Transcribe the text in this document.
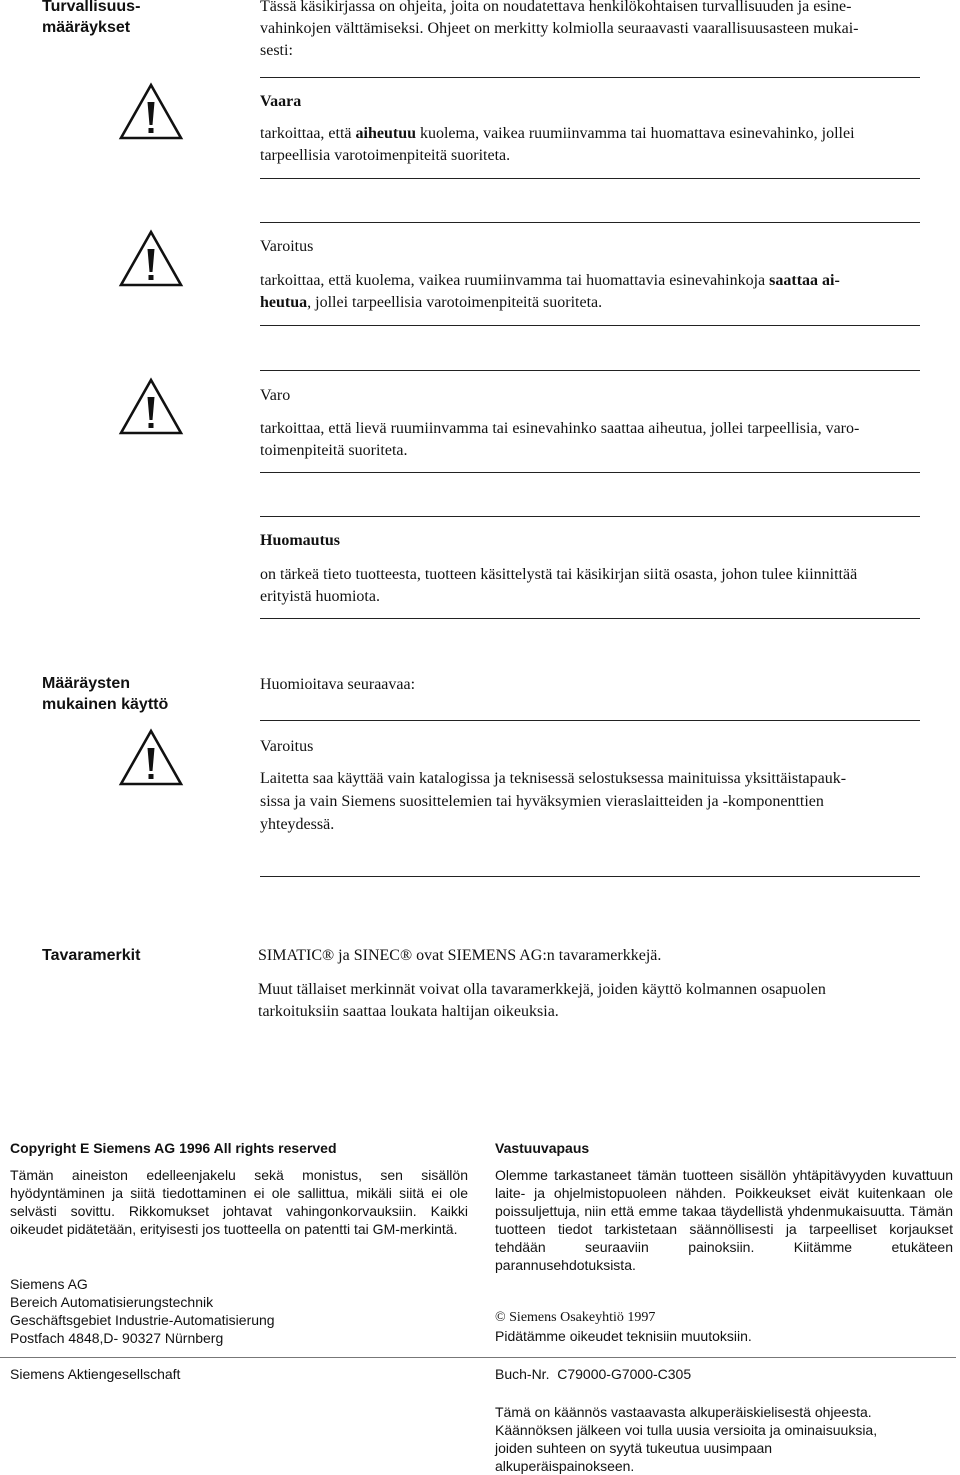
Turvallisuus-
määräykset
Tässä käsikirjassa on ohjeita, joita on noudatettava henkilökohtaisen turvallisuuden ja esine-
vahinkojen välttämiseksi. Ohjeet on merkitty kolmiolla seuraavasti vaarallisuusasteen mukai-
sesti:
Vaara
tarkoittaa, että aiheutuu kuolema, vaikea ruumiinvamma tai huomattava esinevahinko, jollei
tarpeellisia varotoimenpiteitä suoriteta.
Varoitus
tarkoittaa, että kuolema, vaikea ruumiinvamma tai huomattavia esinevahinkoja saattaa ai-
heutua, jollei tarpeellisia varotoimenpiteitä suoriteta.
Varo
tarkoittaa, että lievä ruumiinvamma tai esinevahinko saattaa aiheutua, jollei tarpeellisia, varo-
toimenpiteitä suoriteta.
Huomautus
on tärkeä tieto tuotteesta, tuotteen käsittelystä tai käsikirjan siitä osasta, johon tulee kiinnittää
erityistä huomiota.
Määräysten
mukainen käyttö
Huomioitava seuraavaa:
Varoitus
Laitetta saa käyttää vain katalogissa ja teknisessä selostuksessa mainituissa yksittäistapauk-
sissa ja vain Siemens suosittelemien tai hyväksymien vieraslaitteiden ja -komponenttien
yhteydessä.
Tavaramerkit	SIMATIC® ja SINEC® ovat SIEMENS AG:n tavaramerkkejä.
Muut tällaiset merkinnät voivat olla tavaramerkkejä, joiden käyttö kolmannen osapuolen
tarkoituksiin saattaa loukata haltijan oikeuksia.
Copyright E Siemens AG 1996 All rights reserved
Tämän aineiston edelleenjakelu sekä monistus, sen sisällön hyödyntäminen ja siitä tiedottaminen ei ole sallittua, mikäli siitä ei ole selvästi sovittu. Rikkomukset johtavat vahingonkorvauksiin. Kaikki oikeudet pidätetään, erityisesti jos tuotteella on patentti tai GM-merkintä.
Siemens AG
Bereich Automatisierungstechnik
Geschäftsgebiet Industrie-Automatisierung
Postfach 4848,D- 90327 Nürnberg
Siemens Aktiengesellschaft
Vastuuvapaus
Olemme tarkastaneet tämän tuotteen sisällön yhtäpitävyyden kuvattuun laite- ja ohjelmistopuoleen nähden. Poikkeukset eivät kuitenkaan ole poissuljettuja, niin että emme takaa täydellistä yhdenmukaisuutta. Tämän tuotteen tiedot tarkistetaan säännöllisesti ja tarpeelliset korjaukset tehdään seuraaviin painoksiin. Kiitämme etukäteen parannusehdotuksista.
© Siemens Osakeyhtiö 1997
Pidätämme oikeudet teknisiin muutoksiin.
Buch-Nr.  C79000-G7000-C305
Tämä on käännös vastaavasta alkuperäiskielisestä ohjeesta.
Käännöksen jälkeen voi tulla uusia versioita ja ominaisuuksia,
joiden suhteen on syytä tukeutua uusimpaan
alkuperäispainokseen.
